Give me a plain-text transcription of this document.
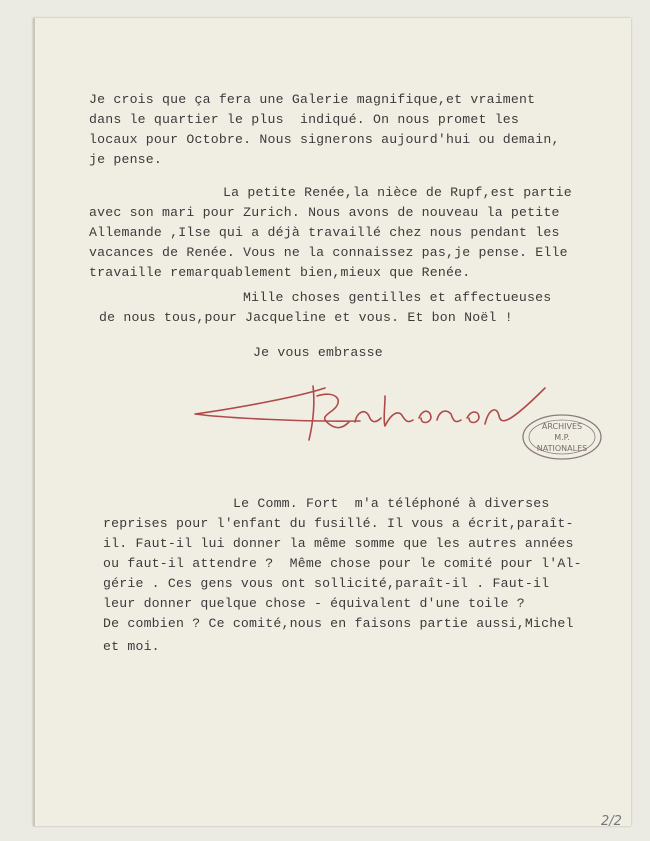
Je crois que ça fera une Galerie magnifique,et vraiment
dans le quartier le plus  indiqué. On nous promet les
locaux pour Octobre. Nous signerons aujourd'hui ou demain,
je pense.
La petite Renée,la nièce de Rupf,est partie
avec son mari pour Zurich. Nous avons de nouveau la petite
Allemande ,Ilse qui a déjà travaillé chez nous pendant les
vacances de Renée. Vous ne la connaissez pas,je pense. Elle
travaille remarquablement bien,mieux que Renée.
Mille choses gentilles et affectueuses
de nous tous,pour Jacqueline et vous. Et bon Noël !
Je vous embrasse
Le Comm. Fort  m'a téléphoné à diverses
reprises pour l'enfant du fusillé. Il vous a écrit,paraît-
il. Faut-il lui donner la même somme que les autres années
ou faut-il attendre ?  Même chose pour le comité pour l'Al-
gérie . Ces gens vous ont sollicité,paraît-il . Faut-il
leur donner quelque chose - équivalent d'une toile ?
De combien ? Ce comité,nous en faisons partie aussi,Michel
et moi.
2/2
ARCHIVES
M.P.
NATIONALES
